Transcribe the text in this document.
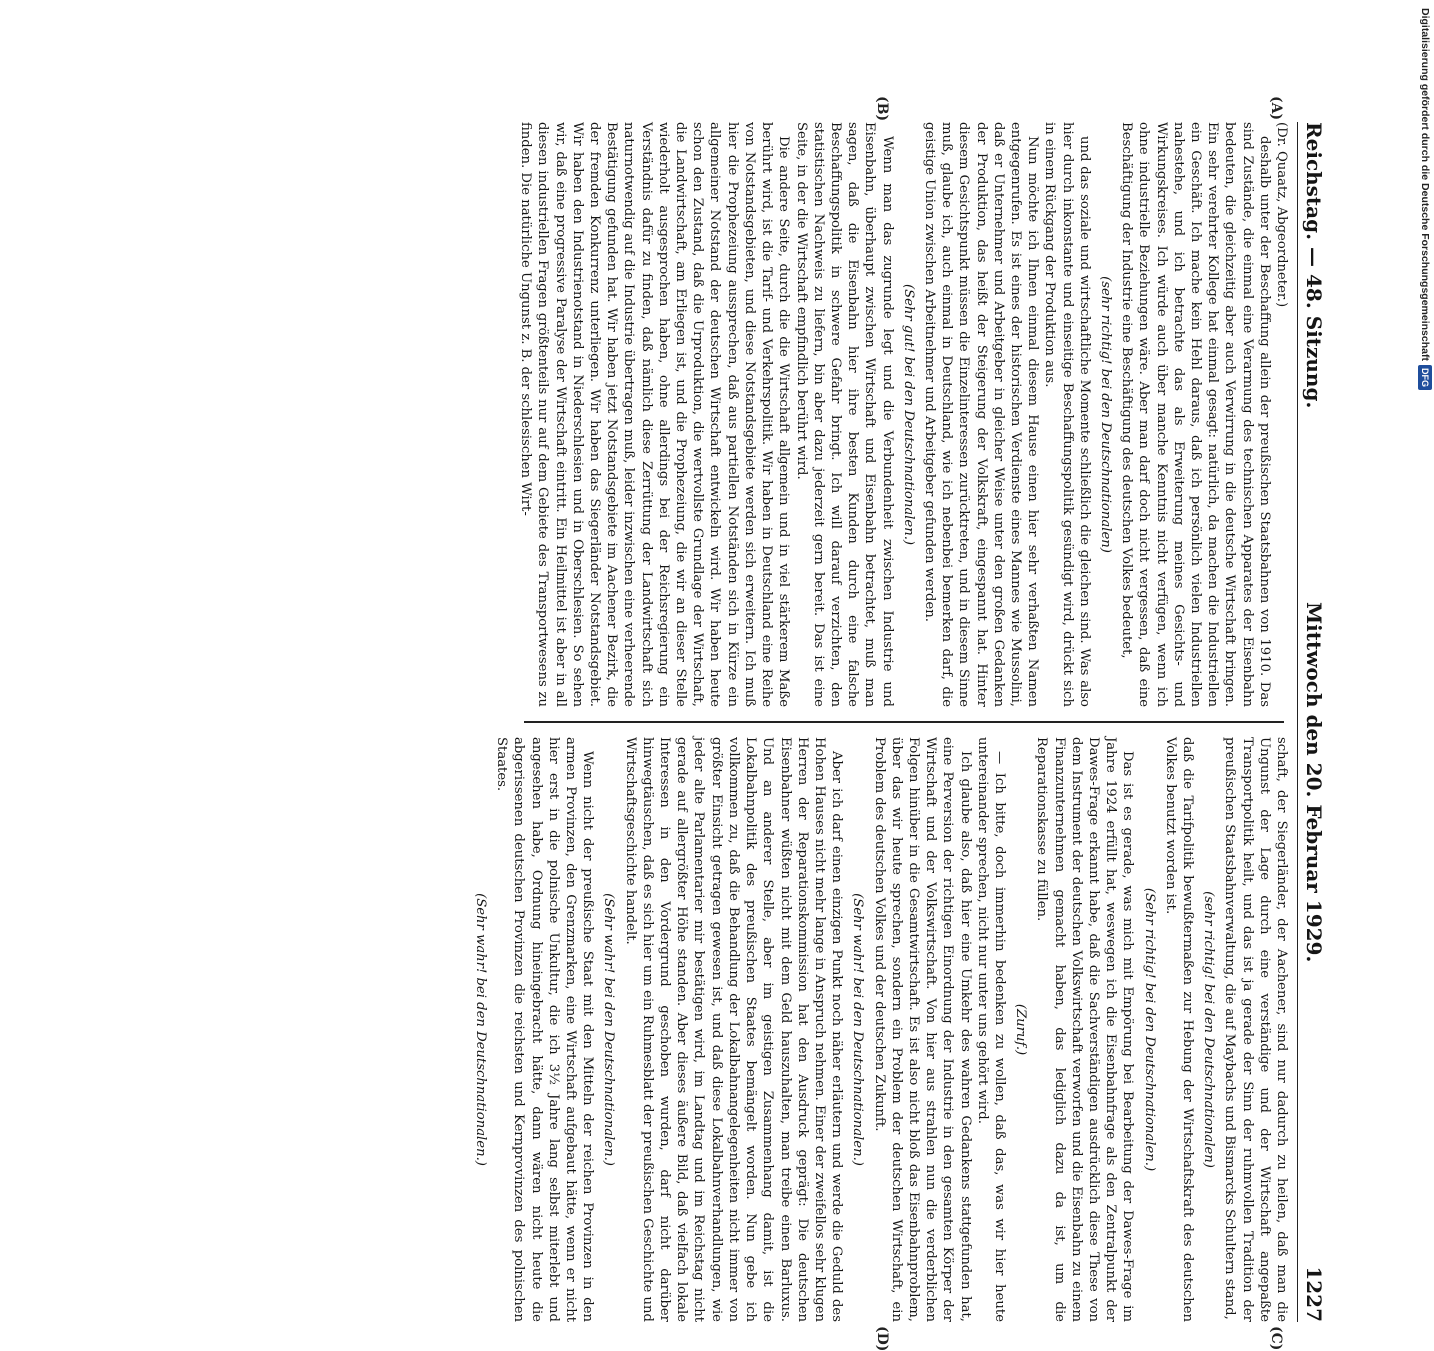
Reichstag. — 48. Sitzung.
Mittwoch den 20. Februar 1929.
1227
(A)
(B)
(C)
(D)

(Dr. Quaatz, Abgeordneter.)

deshalb unter der Beschaffung allein der preußischen Staatsbahnen von 1910. Das sind Zustände, die einmal eine Verarmung des technischen Apparates der Eisenbahn bedeuten, die gleichzeitig aber auch Verwirrung in die deutsche Wirtschaft bringen. Ein sehr verehrter Kollege hat einmal gesagt: natürlich, da machen die Industriellen ein Geschäft. Ich mache kein Hehl daraus, daß ich persönlich vielen Industriellen nahestehe, und ich betrachte das als Erweiterung meines Gesichts- und Wirkungskreises. Ich würde auch über manche Kenntnis nicht verfügen, wenn ich ohne industrielle Beziehungen wäre. Aber man darf doch nicht vergessen, daß eine Beschäftigung der Industrie eine Beschäftigung des deutschen Volkes bedeutet,

(sehr richtig! bei den Deutschnationalen)

und das soziale und wirtschaftliche Momente schließlich die gleichen sind. Was also hier durch inkonstante und einseitige Beschaffungspolitik gesündigt wird, drückt sich in einem Rückgang der Produktion aus.

Nun möchte ich Ihnen einmal diesem Hause einen hier sehr verhaßten Namen entgegenrufen. Es ist eines der historischen Verdienste eines Mannes wie Mussolini, daß er Unternehmer und Arbeitgeber in gleicher Weise unter den großen Gedanken der Produktion, das heißt der Steigerung der Volkskraft, eingespannt hat. Hinter diesem Gesichtspunkt müssen die Einzelinteressen zurücktreten, und in diesem Sinne muß, glaube ich, auch einmal in Deutschland, wie ich nebenbei bemerken darf, die geistige Union zwischen Arbeitnehmer und Arbeitgeber gefunden werden.

(Sehr gut! bei den Deutschnationalen.)

Wenn man das zugrunde legt und die Verbundenheit zwischen Industrie und Eisenbahn, überhaupt zwischen Wirtschaft und Eisenbahn betrachtet, muß man sagen, daß die Eisenbahn hier ihre besten Kunden durch eine falsche Beschaffungspolitik in schwere Gefahr bringt. Ich will darauf verzichten, den statistischen Nachweis zu liefern, bin aber dazu jederzeit gern bereit. Das ist eine Seite, in der die Wirtschaft empfindlich berührt wird.

Die andere Seite, durch die die Wirtschaft allgemein und in viel stärkerem Maße berührt wird, ist die Tarif- und Verkehrspolitik. Wir haben in Deutschland eine Reihe von Notstandsgebieten, und diese Notstandsgebiete werden sich erweitern. Ich muß hier die Prophezeiung aussprechen, daß aus partiellen Notständen sich in Kürze ein allgemeiner Notstand der deutschen Wirtschaft entwickeln wird. Wir haben heute schon den Zustand, daß die Urproduktion, die wertvollste Grundlage der Wirtschaft, die Landwirtschaft, am Erliegen ist, und die Prophezeiung, die wir an dieser Stelle wiederholt ausgesprochen haben, ohne allerdings bei der Reichsregierung ein Verständnis dafür zu finden, daß nämlich diese Zerrüttung der Landwirtschaft sich naturnotwendig auf die Industrie übertragen muß, leider inzwischen eine verheerende Bestätigung gefunden hat. Wir haben jetzt Notstandsgebiete im Aachener Bezirk, die der fremden Konkurrenz unterliegen. Wir haben das Siegerländer Notstandsgebiet. Wir haben den Industrienotstand in Niederschlesien und in Oberschlesien. So sehen wir, daß eine progressive Paralyse der Wirtschaft eintritt. Ein Heilmittel ist aber in all diesen industriellen Fragen größtenteils nur auf dem Gebiete des Transportwesens zu finden. Die natürliche Ungunst z. B. der schlesischen Wirt-

schaft, der Siegerländer, der Aachener, sind nur dadurch zu heilen, daß man die Ungunst der Lage durch eine verständige und der Wirtschaft angepaßte Transportpolitik heilt, und das ist ja gerade der Sinn der ruhmvollen Tradition der preußischen Staatsbahnverwaltung, die auf Maybachs und Bismarcks Schultern stand,

(sehr richtig! bei den Deutschnationalen)

daß die Tarifpolitik bewußtermaßen zur Hebung der Wirtschaftskraft des deutschen Volkes benutzt worden ist.

(Sehr richtig! bei den Deutschnationalen.)

Das ist es gerade, was mich mit Empörung bei Bearbeitung der Dawes-Frage im Jahre 1924 erfüllt hat, weswegen ich die Eisenbahnfrage als den Zentralpunkt der Dawes-Frage erkannt habe, daß die Sachverständigen ausdrücklich diese These von dem Instrument der deutschen Volkswirtschaft verworfen und die Eisenbahn zu einem Finanzunternehmen gemacht haben, das lediglich dazu da ist, um die Reparationskasse zu füllen.

(Zuruf.)

— Ich bitte, doch immerhin bedenken zu wollen, daß das, was wir hier heute untereinander sprechen, nicht nur unter uns gehört wird.

Ich glaube also, daß hier eine Umkehr des wahren Gedankens stattgefunden hat, eine Perversion der richtigen Einordnung der Industrie in den gesamten Körper der Wirtschaft und der Volkswirtschaft. Von hier aus strahlen nun die verderblichen Folgen hinüber in die Gesamtwirtschaft. Es ist also nicht bloß das Eisenbahnproblem, über das wir heute sprechen, sondern ein Problem der deutschen Wirtschaft, ein Problem des deutschen Volkes und der deutschen Zukunft.

(Sehr wahr! bei den Deutschnationalen.)

Aber ich darf einen einzigen Punkt noch näher erläutern und werde die Geduld des Hohen Hauses nicht mehr lange in Anspruch nehmen. Einer der zweifellos sehr klugen Herren der Reparationskommission hat den Ausdruck geprägt: Die deutschen Eisenbahner wüßten nicht mit dem Geld hauszuhalten, man treibe einen Barluxus. Und an anderer Stelle, aber im geistigen Zusammenhang damit, ist die Lokalbahnpolitik des preußischen Staates bemängelt worden. Nun gebe ich vollkommen zu, daß die Behandlung der Lokalbahnangelegenheiten nicht immer von größter Einsicht getragen gewesen ist, und daß diese Lokalbahnverhandlungen, wie jeder alte Parlamentarier mir bestätigen wird, im Landtag und im Reichstag nicht gerade auf allergrößter Höhe standen. Aber dieses äußere Bild, daß vielfach lokale Interessen in den Vordergrund geschoben wurden, darf nicht darüber hinwegtäuschen, daß es sich hier um ein Ruhmesblatt der preußischen Geschichte und Wirtschaftsgeschichte handelt.

(Sehr wahr! bei den Deutschnationalen.)

Wenn nicht der preußische Staat mit den Mitteln der reichen Provinzen in den armen Provinzen, den Grenzmarken, eine Wirtschaft aufgebaut hätte, wenn er nicht hier erst in die polnische Unkultur, die ich 3½ Jahre lang selbst miterlebt und angesehen habe, Ordnung hineingebracht hätte, dann wären nicht heute die abgerissenen deutschen Provinzen die reichsten und Kernprovinzen des polnischen Staates.

(Sehr wahr! bei den Deutschnationalen.)

Digitalisierung gefördert durch die Deutsche Forschungsgemeinschaft
DFG
